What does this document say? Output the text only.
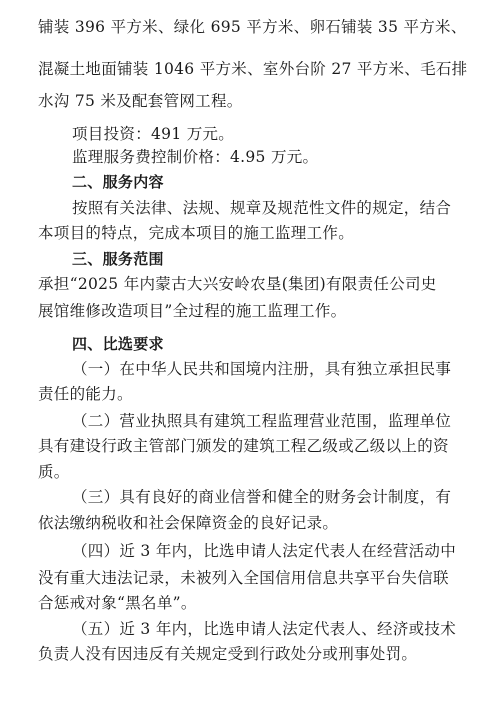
铺装 396 平方米、绿化 695 平方米、卵石铺装 35 平方米、
混凝土地面铺装 1046 平方米、室外台阶 27 平方米、毛石排
水沟 75 米及配套管网工程。
项目投资：491 万元。
监理服务费控制价格：4.95 万元。
二、服务内容
按照有关法律、法规、规章及规范性文件的规定，结合
本项目的特点，完成本项目的施工监理工作。
三、服务范围
承担“2025 年内蒙古大兴安岭农垦(集团)有限责任公司史
展馆维修改造项目”全过程的施工监理工作。
四、比选要求
（一）在中华人民共和国境内注册，具有独立承担民事
责任的能力。
（二）营业执照具有建筑工程监理营业范围，监理单位
具有建设行政主管部门颁发的建筑工程乙级或乙级以上的资
质。
（三）具有良好的商业信誉和健全的财务会计制度，有
依法缴纳税收和社会保障资金的良好记录。
（四）近 3 年内，比选申请人法定代表人在经营活动中
没有重大违法记录，未被列入全国信用信息共享平台失信联
合惩戒对象“黑名单”。
（五）近 3 年内，比选申请人法定代表人、经济或技术
负责人没有因违反有关规定受到行政处分或刑事处罚。
